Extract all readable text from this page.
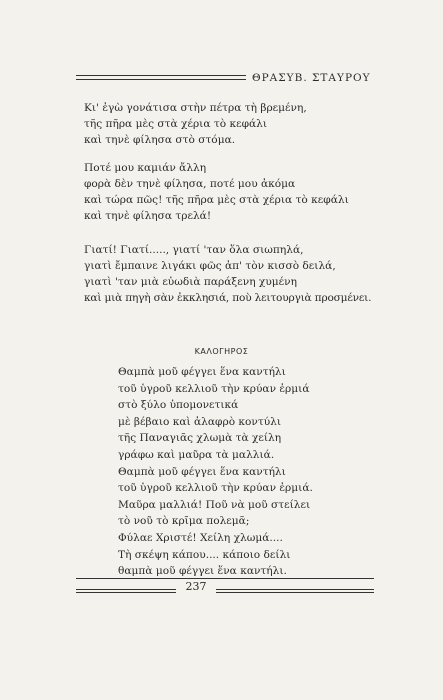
ΘΡΑΣΥΒ. ΣΤΑΥΡΟΥ
Κι' ἐγὼ γονάτισα στὴν πέτρα τὴ βρεμένη,
τῆς πῆρα μὲς στὰ χέρια τὸ κεφάλι
καὶ τηνὲ φίλησα στὸ στόμα.
Ποτέ μου καμιάν ἄλλη
φορὰ δὲν τηνὲ φίλησα, ποτέ μου ἀκόμα
καὶ τώρα πῶς! τῆς πῆρα μὲς στὰ χέρια τὸ κεφάλι
καὶ τηνὲ φίλησα τρελά!
Γιατί! Γιατί....., γιατί 'ταν ὅλα σιωπηλά,
γιατὶ ἔμπαινε λιγάκι φῶς ἀπ' τὸν κισσὸ δειλά,
γιατὶ 'ταν μιὰ εὐωδιὰ παράξενη χυμένη
καὶ μιὰ πηγὴ σὰν ἐκκλησιά, ποὺ λειτουργιὰ προσμένει.
ΚΑΛΟΓΗΡΟΣ
Θαμπὰ μοῦ φέγγει ἕνα καντήλι
τοῦ ὑγροῦ κελλιοῦ τὴν κρύαν ἐρμιά
στὸ ξύλο ὑπομονετικά
μὲ βέβαιο καὶ ἀλαφρὸ κοντύλι
τῆς Παναγιᾶς χλωμὰ τὰ χείλη
γράφω καὶ μαῦρα τὰ μαλλιά.
Θαμπὰ μοῦ φέγγει ἕνα καντήλι
τοῦ ὑγροῦ κελλιοῦ τὴν κρύαν ἐρμιά.
Μαῦρα μαλλιά! Ποῦ νὰ μοῦ στείλει
τὸ νοῦ τὸ κρῖμα πολεμᾶ;
Φύλαε Χριστέ! Χείλη χλωμά....
Τὴ σκέψη κάπου.... κάποιο δείλι
θαμπὰ μοῦ φέγγει ἕνα καντήλι.
237
